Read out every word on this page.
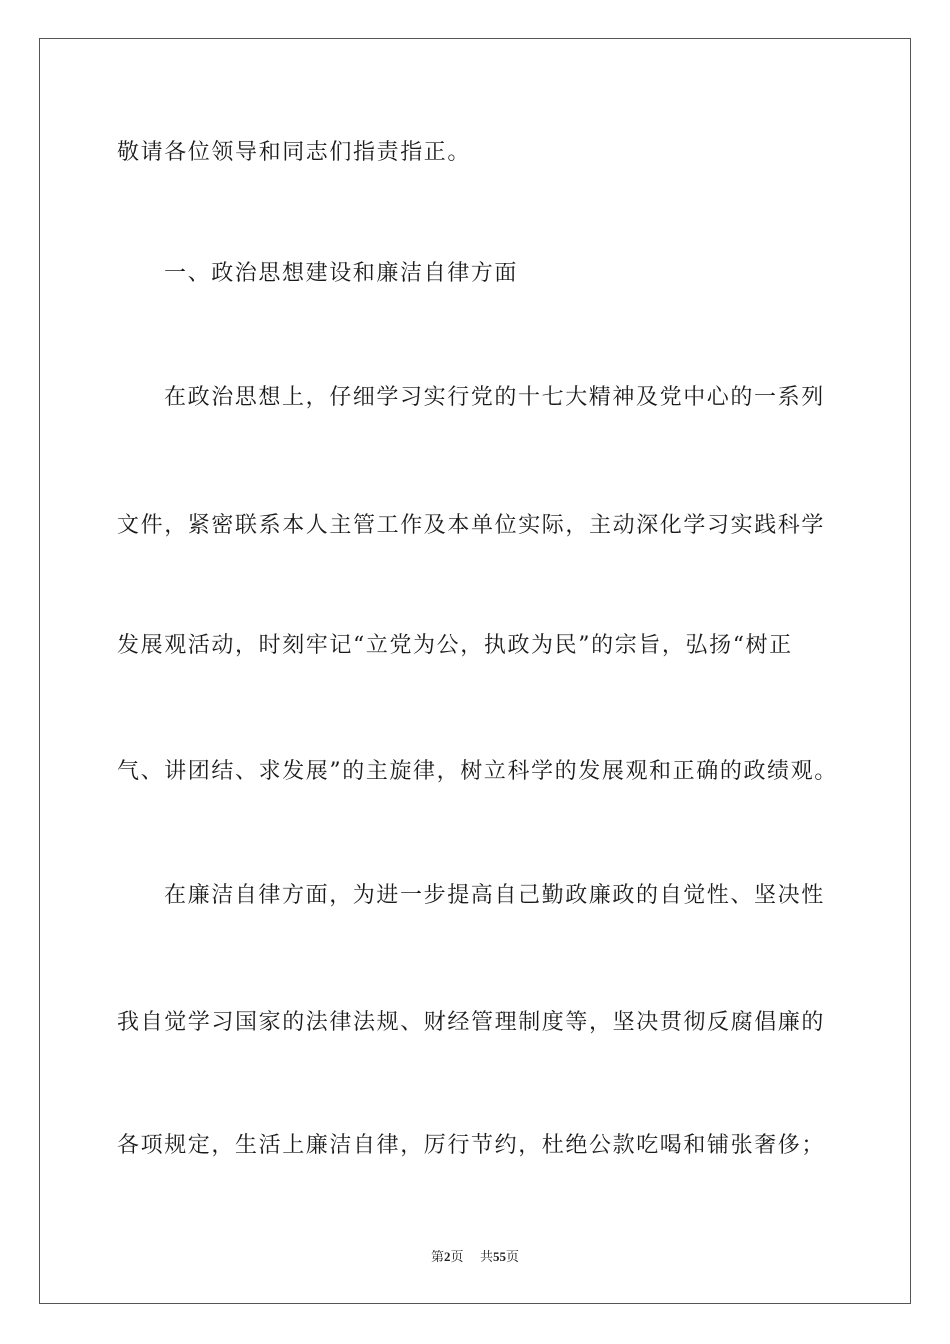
敬请各位领导和同志们指责指正。
一、政治思想建设和廉洁自律方面
在政治思想上，仔细学习实行党的十七大精神及党中心的一系列
文件，紧密联系本人主管工作及本单位实际，主动深化学习实践科学
发展观活动，时刻牢记“立党为公，执政为民”的宗旨，弘扬“树正
气、讲团结、求发展”的主旋律，树立科学的发展观和正确的政绩观。
在廉洁自律方面，为进一步提高自己勤政廉政的自觉性、坚决性
我自觉学习国家的法律法规、财经管理制度等，坚决贯彻反腐倡廉的
各项规定，生活上廉洁自律，厉行节约，杜绝公款吃喝和铺张奢侈；
第2页 共55页
